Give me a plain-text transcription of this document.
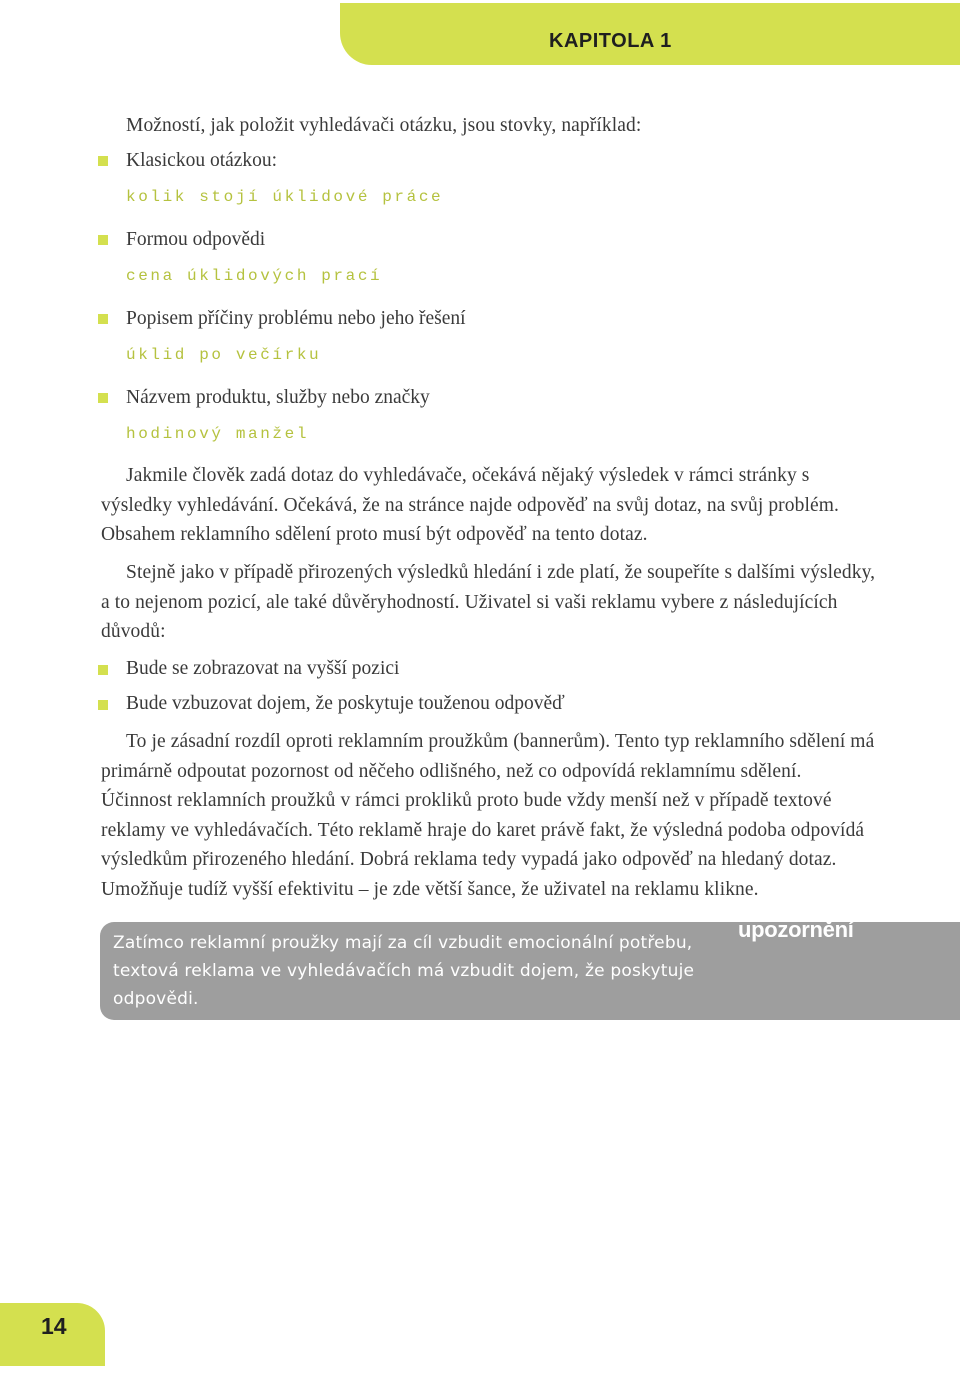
KAPITOLA 1

Možností, jak položit vyhledávači otázku, jsou stovky, například:

Klasickou otázkou:
kolik stojí úklidové práce
Formou odpovědi
cena úklidových prací
Popisem příčiny problému nebo jeho řešení
úklid po večírku
Názvem produktu, služby nebo značky
hodinový manžel

Jakmile člověk zadá dotaz do vyhledávače, očekává nějaký výsledek v rámci stránky s výsledky vyhledávání. Očekává, že na stránce najde odpověď na svůj dotaz, na svůj problém. Obsahem reklamního sdělení proto musí být odpověď na tento dotaz.

Stejně jako v případě přirozených výsledků hledání i zde platí, že soupeříte s dalšími výsledky, a to nejenom pozicí, ale také důvěryhodností. Uživatel si vaši reklamu vybere z následujících důvodů:

Bude se zobrazovat na vyšší pozici
Bude vzbuzovat dojem, že poskytuje touženou odpověď

To je zásadní rozdíl oproti reklamním proužkům (bannerům). Tento typ reklamního sdělení má primárně odpoutat pozornost od něčeho odlišného, než co odpovídá reklamnímu sdělení. Účinnost reklamních proužků v rámci prokliků proto bude vždy menší než v případě textové reklamy ve vyhledávačích. Této reklamě hraje do karet právě fakt, že výsledná podoba odpovídá výsledkům přirozeného hledání. Dobrá reklama tedy vypadá jako odpověď na hledaný dotaz. Umožňuje tudíž vyšší efektivitu – je zde větší šance, že uživatel na reklamu klikne.

Zatímco reklamní proužky mají za cíl vzbudit emocionální potřebu, textová reklama ve vyhledávačích má vzbudit dojem, že poskytuje odpovědi.
upozornění
14
